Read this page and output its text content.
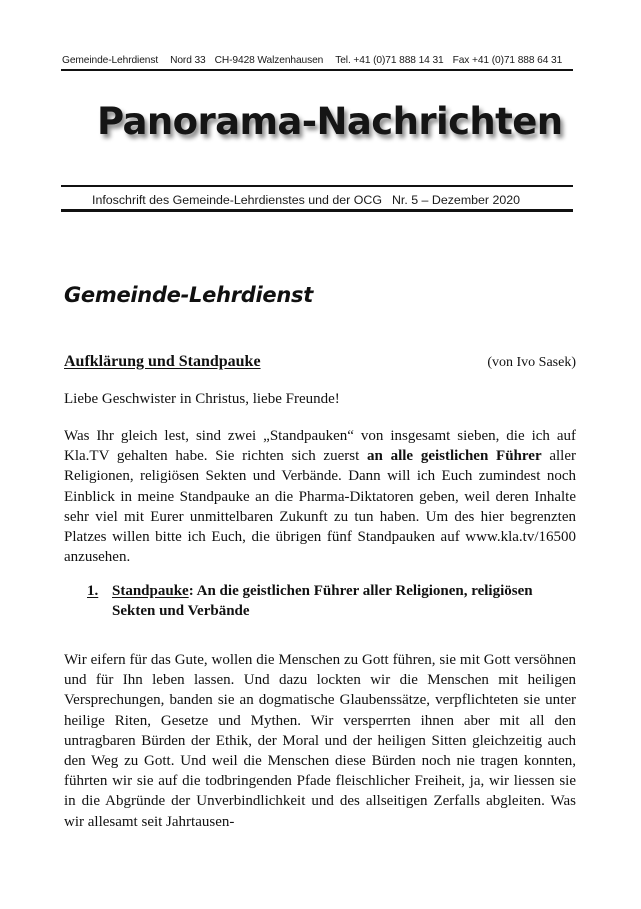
Gemeinde-Lehrdienst Nord 33 CH-9428 Walzenhausen Tel. +41 (0)71 888 14 31 Fax +41 (0)71 888 64 31
Panorama-Nachrichten
Infoschrift des Gemeinde-Lehrdienstes und der OCG Nr. 5 – Dezember 2020
Gemeinde-Lehrdienst
Aufklärung und Standpauke	(von Ivo Sasek)
Liebe Geschwister in Christus, liebe Freunde!
Was Ihr gleich lest, sind zwei „Standpauken“ von insgesamt sieben, die ich auf Kla.TV gehalten habe. Sie richten sich zuerst an alle geistlichen Führer aller Religionen, religiösen Sekten und Verbände. Dann will ich Euch zumindest noch Einblick in meine Standpauke an die Pharma-Diktatoren geben, weil deren Inhalte sehr viel mit Eurer unmittelbaren Zukunft zu tun haben. Um des hier begrenzten Platzes willen bitte ich Euch, die übrigen fünf Standpauken auf www.kla.tv/16500 anzusehen.
1. Standpauke: An die geistlichen Führer aller Religionen, religiösen Sekten und Verbände
Wir eifern für das Gute, wollen die Menschen zu Gott führen, sie mit Gott versöhnen und für Ihn leben lassen. Und dazu lockten wir die Menschen mit heiligen Versprechungen, banden sie an dogmatische Glaubenssätze, verpflichteten sie unter heilige Riten, Gesetze und Mythen. Wir versperrten ihnen aber mit all den untragbaren Bürden der Ethik, der Moral und der heiligen Sitten gleichzeitig auch den Weg zu Gott. Und weil die Menschen diese Bürden noch nie tragen konnten, führten wir sie auf die todbringenden Pfade fleischlicher Freiheit, ja, wir liessen sie in die Abgründe der Unverbindlichkeit und des allseitigen Zerfalls abgleiten. Was wir allesamt seit Jahrtausen-
